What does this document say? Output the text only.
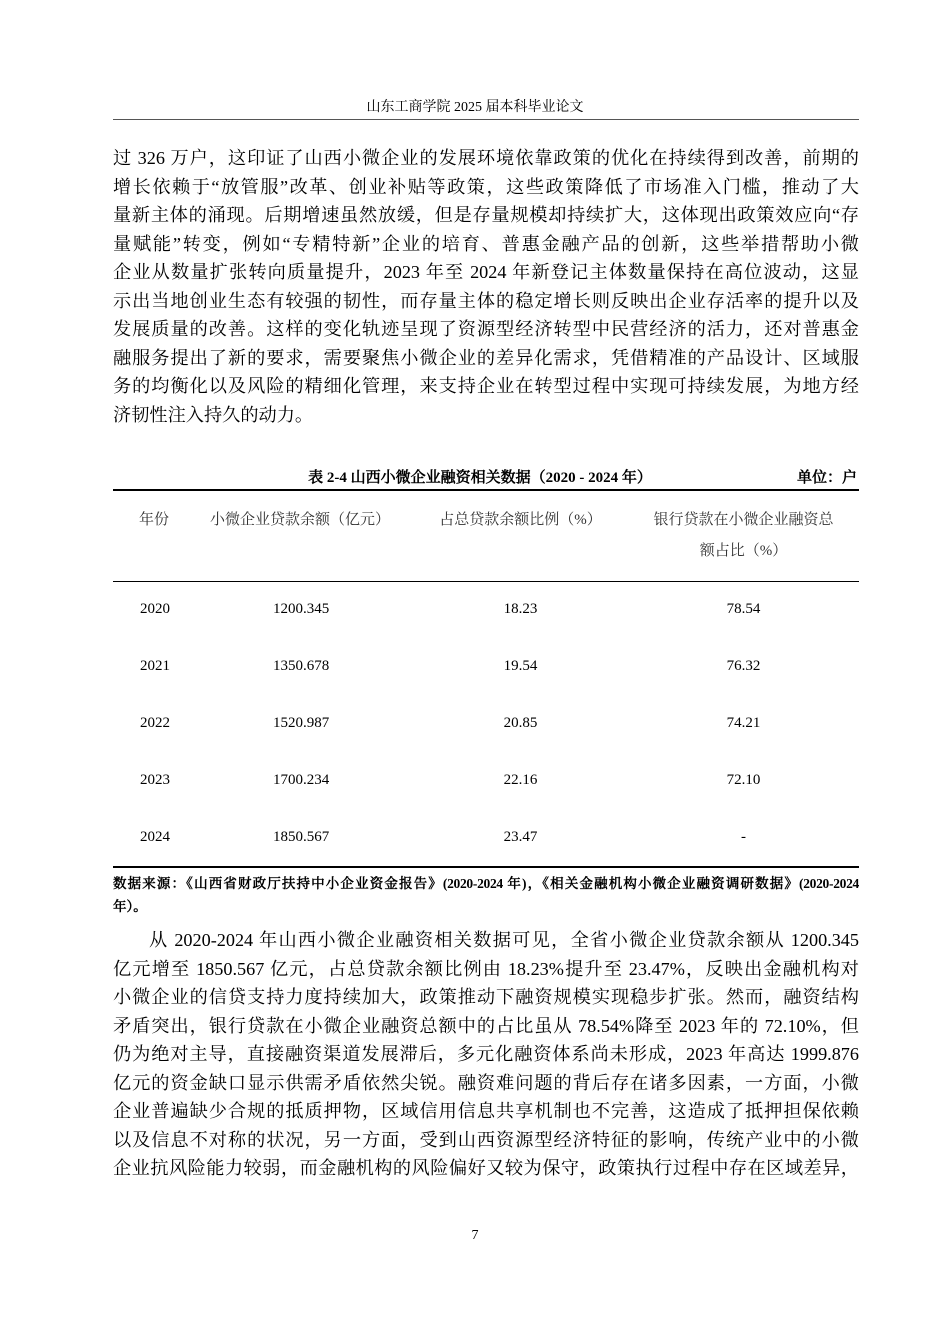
山东工商学院 2025 届本科毕业论文
过 326 万户，这印证了山西小微企业的发展环境依靠政策的优化在持续得到改善，前期的
增长依赖于“放管服”改革、创业补贴等政策，这些政策降低了市场准入门槛，推动了大
量新主体的涌现。后期增速虽然放缓，但是存量规模却持续扩大，这体现出政策效应向“存
量赋能”转变，例如“专精特新”企业的培育、普惠金融产品的创新，这些举措帮助小微
企业从数量扩张转向质量提升，2023 年至 2024 年新登记主体数量保持在高位波动，这显
示出当地创业生态有较强的韧性，而存量主体的稳定增长则反映出企业存活率的提升以及
发展质量的改善。这样的变化轨迹呈现了资源型经济转型中民营经济的活力，还对普惠金
融服务提出了新的要求，需要聚焦小微企业的差异化需求，凭借精准的产品设计、区域服
务的均衡化以及风险的精细化管理，来支持企业在转型过程中实现可持续发展，为地方经
济韧性注入持久的动力。
表 2-4 山西小微企业融资相关数据（2020 - 2024 年）	单位：户
年份	小微企业贷款余额（亿元）	占总贷款余额比例（%）	银行贷款在小微企业融资总
额占比（%）

2020	1200.345	18.23	78.54
2021	1350.678	19.54	76.32
2022	1520.987	20.85	74.21
2023	1700.234	22.16	72.10
2024	1850.567	23.47	-
数据来源：《山西省财政厅扶持中小企业资金报告》(2020-2024 年)，《相关金融机构小微企业融资调研数据》(2020-2024
年）。
从 2020-2024 年山西小微企业融资相关数据可见，全省小微企业贷款余额从 1200.345
亿元增至 1850.567 亿元，占总贷款余额比例由 18.23%提升至 23.47%，反映出金融机构对
小微企业的信贷支持力度持续加大，政策推动下融资规模实现稳步扩张。然而，融资结构
矛盾突出，银行贷款在小微企业融资总额中的占比虽从 78.54%降至 2023 年的 72.10%，但
仍为绝对主导，直接融资渠道发展滞后，多元化融资体系尚未形成，2023 年高达 1999.876
亿元的资金缺口显示供需矛盾依然尖锐。融资难问题的背后存在诸多因素，一方面，小微
企业普遍缺少合规的抵质押物，区域信用信息共享机制也不完善，这造成了抵押担保依赖
以及信息不对称的状况，另一方面，受到山西资源型经济特征的影响，传统产业中的小微
企业抗风险能力较弱，而金融机构的风险偏好又较为保守，政策执行过程中存在区域差异，
7
